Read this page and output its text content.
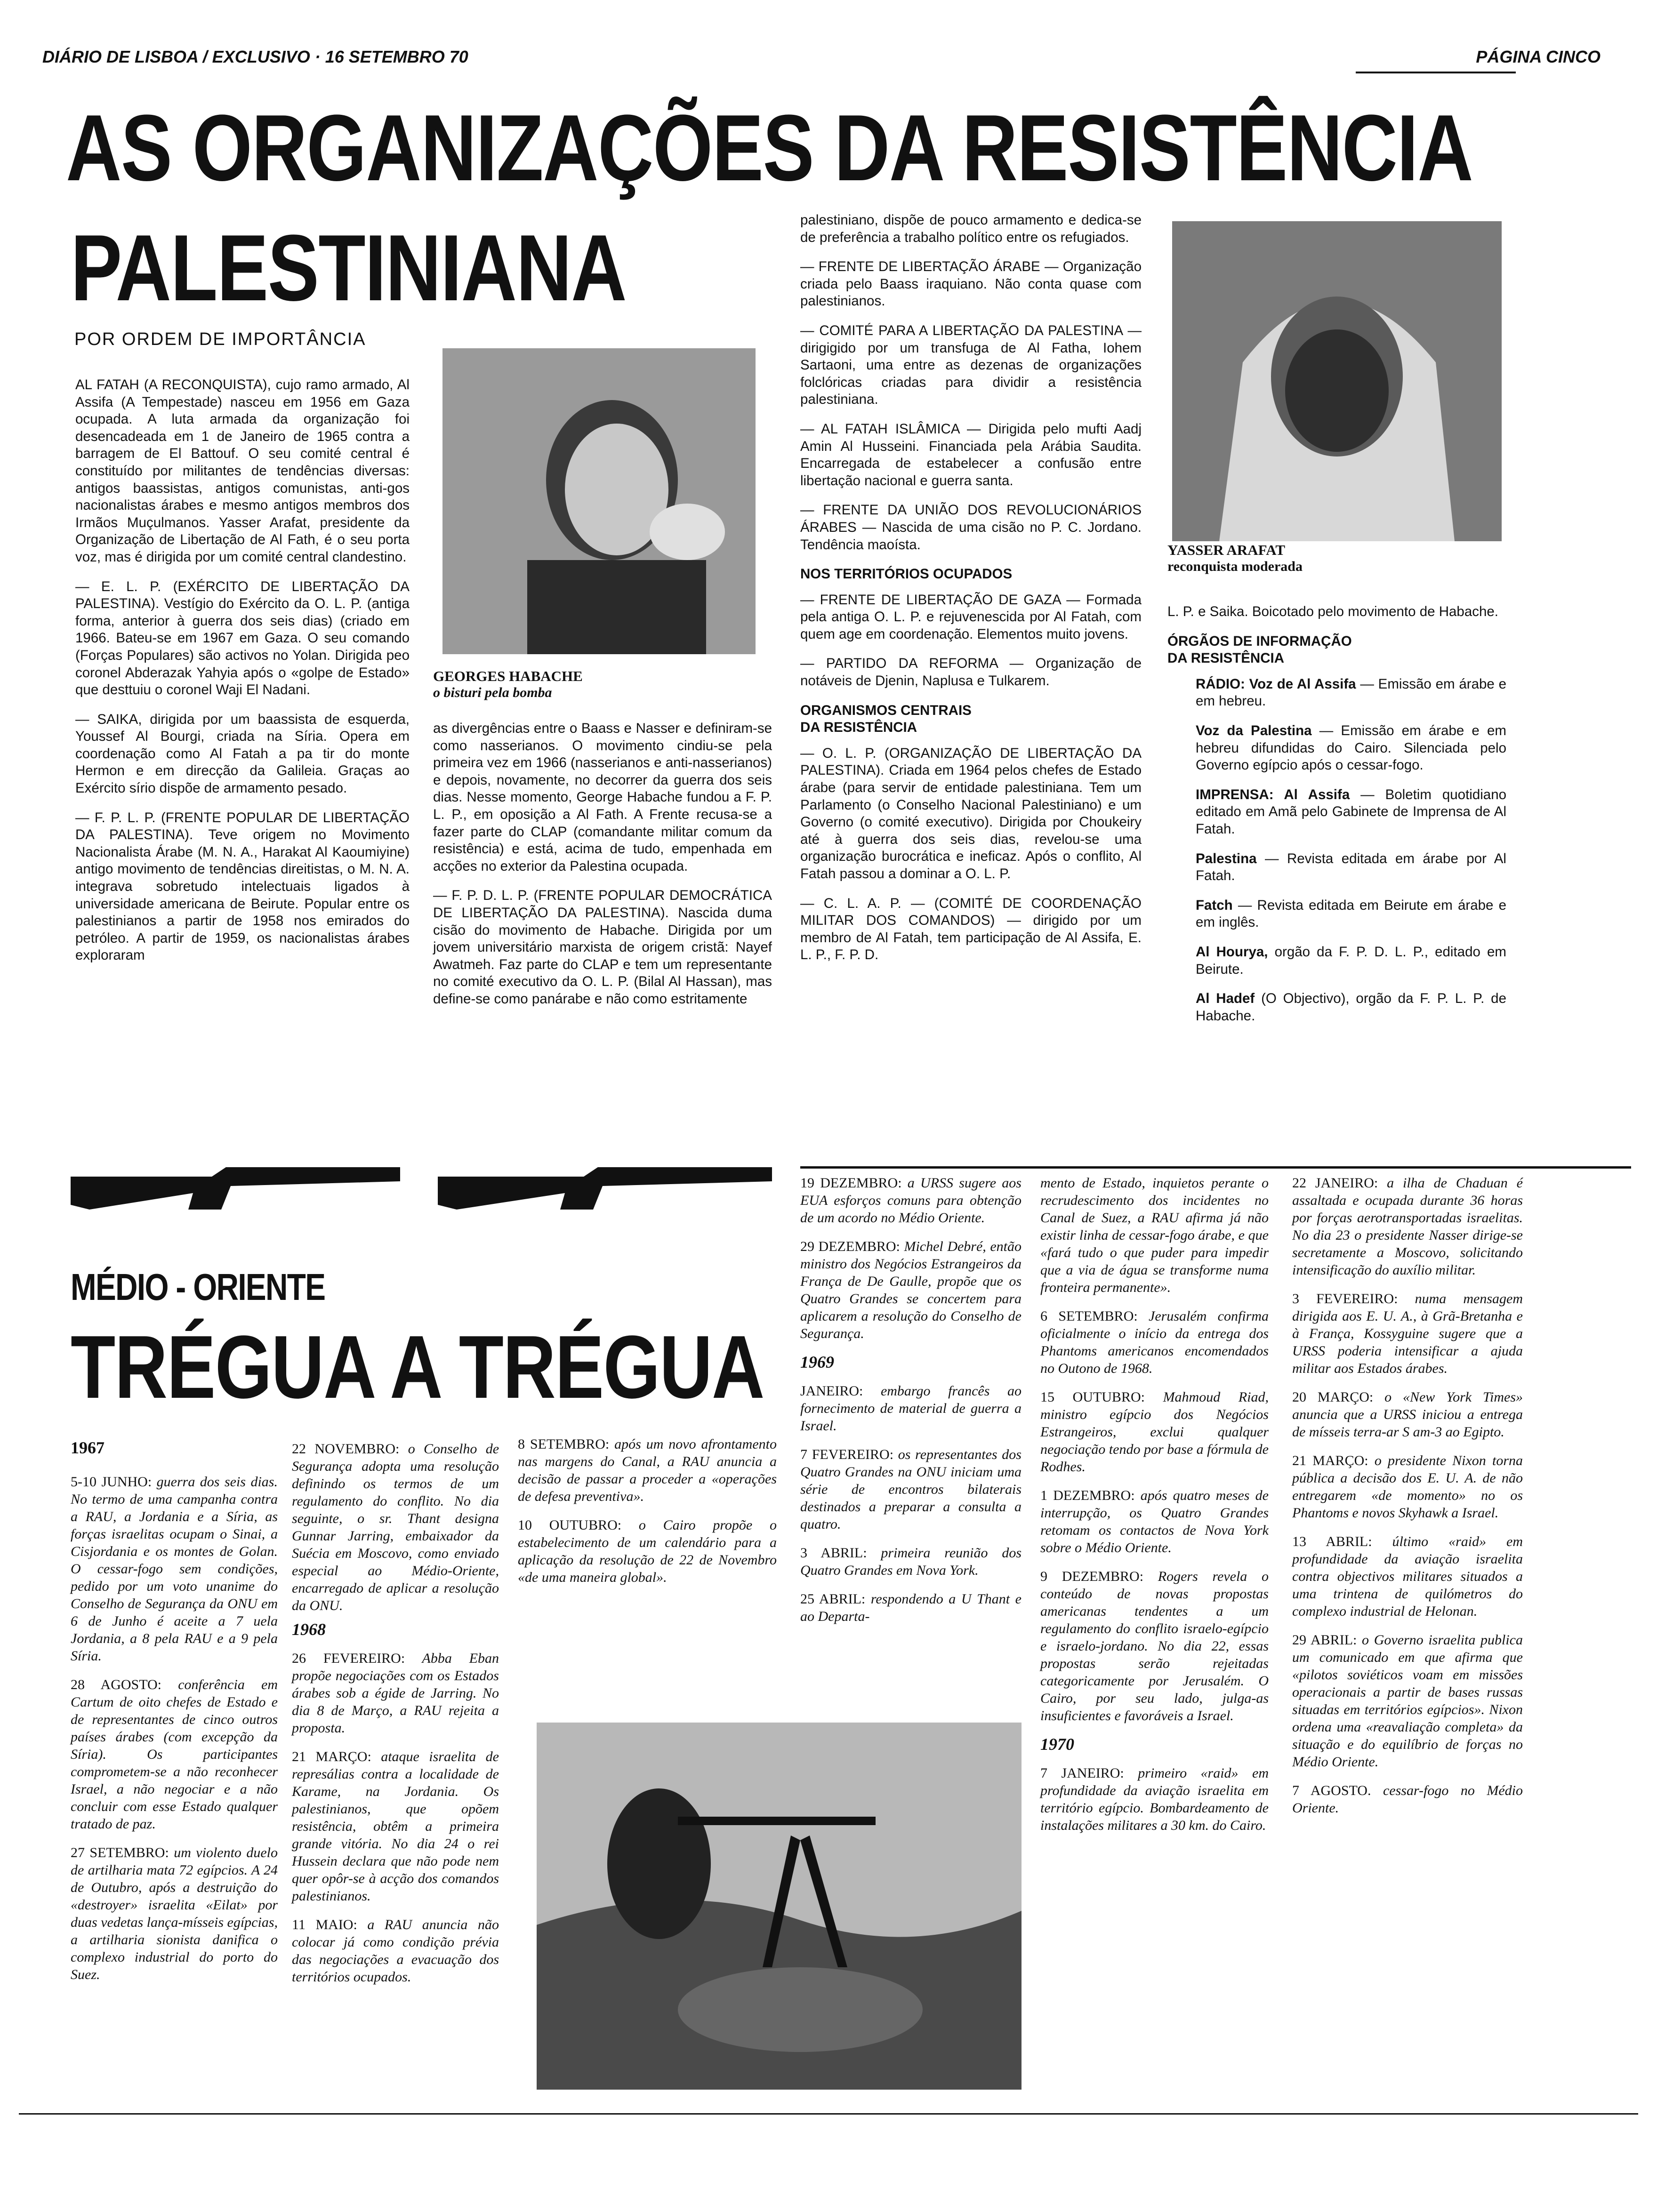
DIÁRIO DE LISBOA / EXCLUSIVO · 16 SETEMBRO 70	PÁGINA CINCO
AS ORGANIZAÇÕES DA RESISTÊNCIA
PALESTINIANA
POR ORDEM DE IMPORTÂNCIA

AL FATAH (A RECONQUISTA), cujo ramo armado, Al Assifa (A Tempestade) nasceu em 1956 em Gaza ocupada. A luta armada da organização foi desencadeada em 1 de Janeiro de 1965 contra a barragem de El Battouf. O seu comité central é constituído por militantes de tendências diversas: antigos baassistas, antigos comunistas, anti-gos nacionalistas árabes e mesmo antigos membros dos Irmãos Muçulmanos. Yasser Arafat, presidente da Organização de Libertação de Al Fath, é o seu porta voz, mas é dirigida por um comité central clandestino.

— E. L. P. (EXÉRCITO DE LIBERTAÇÃO DA PALESTINA). Vestígio do Exército da O. L. P. (antiga forma, anterior à guerra dos seis dias) (criado em 1966. Bateu-se em 1967 em Gaza. O seu comando (Forças Populares) são activos no Yolan. Dirigida peo coronel Abderazak Yahyia após o «golpe de Estado» que desttuiu o coronel Waji El Nadani.

— SAIKA, dirigida por um baassista de esquerda, Youssef Al Bourgi, criada na Síria. Opera em coordenação como Al Fatah a pa tir do monte Hermon e em direcção da Galileia. Graças ao Exército sírio dispõe de armamento pesado.

— F. P. L. P. (FRENTE POPULAR DE LIBERTAÇÃO DA PALESTINA). Teve origem no Movimento Nacionalista Árabe (M. N. A., Harakat Al Kaoumiyine) antigo movimento de tendências direitistas, o M. N. A. integrava sobretudo intelectuais ligados à universidade americana de Beirute. Popular entre os palestinianos a partir de 1958 nos emirados do petróleo. A partir de 1959, os nacionalistas árabes exploraram

GEORGES HABACHE
o bisturi pela bomba

as divergências entre o Baass e Nasser e definiram-se como nasserianos. O movimento cindiu-se pela primeira vez em 1966 (nasserianos e anti-nasserianos) e depois, novamente, no decorrer da guerra dos seis dias. Nesse momento, George Habache fundou a F. P. L. P., em oposição a Al Fath. A Frente recusa-se a fazer parte do CLAP (comandante militar comum da resistência) e está, acima de tudo, empenhada em acções no exterior da Palestina ocupada.

— F. P. D. L. P. (FRENTE POPULAR DEMOCRÁTICA DE LIBERTAÇÃO DA PALESTINA). Nascida duma cisão do movimento de Habache. Dirigida por um jovem universitário marxista de origem cristã: Nayef Awatmeh. Faz parte do CLAP e tem um representante no comité executivo da O. L. P. (Bilal Al Hassan), mas define-se como panárabe e não como estritamente

palestiniano, dispõe de pouco armamento e dedica-se de preferência a trabalho político entre os refugiados.

— FRENTE DE LIBERTAÇÃO ÁRABE — Organização criada pelo Baass iraquiano. Não conta quase com palestinianos.

— COMITÉ PARA A LIBERTAÇÃO DA PALESTINA — dirigigido por um transfuga de Al Fatha, Iohem Sartaoni, uma entre as dezenas de organizações folclóricas criadas para dividir a resistência palestiniana.

— AL FATAH ISLÂMICA — Dirigida pelo mufti Aadj Amin Al Husseini. Financiada pela Arábia Saudita. Encarregada de estabelecer a confusão entre libertação nacional e guerra santa.

— FRENTE DA UNIÃO DOS REVOLUCIONÁRIOS ÁRABES — Nascida de uma cisão no P. C. Jordano. Tendência maoísta.

NOS TERRITÓRIOS OCUPADOS

— FRENTE DE LIBERTAÇÃO DE GAZA — Formada pela antiga O. L. P. e rejuvenescida por Al Fatah, com quem age em coordenação. Elementos muito jovens.

— PARTIDO DA REFORMA — Organização de notáveis de Djenin, Naplusa e Tulkarem.

ORGANISMOS CENTRAIS
DA RESISTÊNCIA

— O. L. P. (ORGANIZAÇÃO DE LIBERTAÇÃO DA PALESTINA). Criada em 1964 pelos chefes de Estado árabe (para servir de entidade palestiniana. Tem um Parlamento (o Conselho Nacional Palestiniano) e um Governo (o comité executivo). Dirigida por Choukeiry até à guerra dos seis dias, revelou-se uma organização burocrática e ineficaz. Após o conflito, Al Fatah passou a dominar a O. L. P.

— C. L. A. P. — (COMITÉ DE COORDENAÇÃO MILITAR DOS COMANDOS) — dirigido por um membro de Al Fatah, tem participação de Al Assifa, E. L. P., F. P. D.

YASSER ARAFAT
reconquista moderada

L. P. e Saika. Boicotado pelo movimento de Habache.

ÓRGÃOS DE INFORMAÇÃO
DA RESISTÊNCIA

RÁDIO: Voz de Al Assifa — Emissão em árabe e em hebreu.

Voz da Palestina — Emissão em árabe e em hebreu difundidas do Cairo. Silenciada pelo Governo egípcio após o cessar-fogo.

IMPRENSA: Al Assifa — Boletim quotidiano editado em Amã pelo Gabinete de Imprensa de Al Fatah.

Palestina — Revista editada em árabe por Al Fatah.

Fatch — Revista editada em Beirute em árabe e em inglês.

Al Hourya, orgão da F. P. D. L. P., editado em Beirute.

Al Hadef (O Objectivo), orgão da F. P. L. P. de Habache.

MÉDIO - ORIENTE
TRÉGUA A TRÉGUA
1967

5-10 JUNHO: guerra dos seis dias. No termo de uma campanha contra a RAU, a Jordania e a Síria, as forças israelitas ocupam o Sinai, a Cisjordania e os montes de Golan. O cessar-fogo sem condições, pedido por um voto unanime do Conselho de Segurança da ONU em 6 de Junho é aceite a 7 uela Jordania, a 8 pela RAU e a 9 pela Síria.

28 AGOSTO: conferência em Cartum de oito chefes de Estado e de representantes de cinco outros países árabes (com excepção da Síria). Os participantes comprometem-se a não reconhecer Israel, a não negociar e a não concluir com esse Estado qualquer tratado de paz.

27 SETEMBRO: um violento duelo de artilharia mata 72 egípcios. A 24 de Outubro, após a destruição do «destroyer» israelita «Eilat» por duas vedetas lança-mísseis egípcias, a artilharia sionista danifica o complexo industrial do porto do Suez.

22 NOVEMBRO: o Conselho de Segurança adopta uma resolução definindo os termos de um regulamento do conflito. No dia seguinte, o sr. Thant designa Gunnar Jarring, embaixador da Suécia em Moscovo, como enviado especial ao Médio-Oriente, encarregado de aplicar a resolução da ONU.

1968

26 FEVEREIRO: Abba Eban propõe negociações com os Estados árabes sob a égide de Jarring. No dia 8 de Março, a RAU rejeita a proposta.

21 MARÇO: ataque israelita de represálias contra a localidade de Karame, na Jordania. Os palestinianos, que opõem resistência, obtêm a primeira grande vitória. No dia 24 o rei Hussein declara que não pode nem quer opôr-se à acção dos comandos palestinianos.

11 MAIO: a RAU anuncia não colocar já como condição prévia das negociações a evacuação dos territórios ocupados.

8 SETEMBRO: após um novo afrontamento nas margens do Canal, a RAU anuncia a decisão de passar a proceder a «operações de defesa preventiva».

10 OUTUBRO: o Cairo propõe o estabelecimento de um calendário para a aplicação da resolução de 22 de Novembro «de uma maneira global».

19 DEZEMBRO: a URSS sugere aos EUA esforços comuns para obtenção de um acordo no Médio Oriente.

29 DEZEMBRO: Michel Debré, então ministro dos Negócios Estrangeiros da França de De Gaulle, propõe que os Quatro Grandes se concertem para aplicarem a resolução do Conselho de Segurança.

1969

JANEIRO: embargo francês ao fornecimento de material de guerra a Israel.

7 FEVEREIRO: os representantes dos Quatro Grandes na ONU iniciam uma série de encontros bilaterais destinados a preparar a consulta a quatro.

3 ABRIL: primeira reunião dos Quatro Grandes em Nova York.

25 ABRIL: respondendo a U Thant e ao Departa-

mento de Estado, inquietos perante o recrudescimento dos incidentes no Canal de Suez, a RAU afirma já não existir linha de cessar-fogo árabe, e que «fará tudo o que puder para impedir que a via de água se transforme numa fronteira permanente».

6 SETEMBRO: Jerusalém confirma oficialmente o início da entrega dos Phantoms americanos encomendados no Outono de 1968.

15 OUTUBRO: Mahmoud Riad, ministro egípcio dos Negócios Estrangeiros, exclui qualquer negociação tendo por base a fórmula de Rodhes.

1 DEZEMBRO: após quatro meses de interrupção, os Quatro Grandes retomam os contactos de Nova York sobre o Médio Oriente.

9 DEZEMBRO: Rogers revela o conteúdo de novas propostas americanas tendentes a um regulamento do conflito israelo-egípcio e israelo-jordano. No dia 22, essas propostas serão rejeitadas categoricamente por Jerusalém. O Cairo, por seu lado, julga-as insuficientes e favoráveis a Israel.

1970

7 JANEIRO: primeiro «raid» em profundidade da aviação israelita em território egípcio. Bombardeamento de instalações militares a 30 km. do Cairo.

22 JANEIRO: a ilha de Chaduan é assaltada e ocupada durante 36 horas por forças aerotransportadas israelitas. No dia 23 o presidente Nasser dirige-se secretamente a Moscovo, solicitando intensificação do auxílio militar.

3 FEVEREIRO: numa mensagem dirigida aos E. U. A., à Grã-Bretanha e à França, Kossyguine sugere que a URSS poderia intensificar a ajuda militar aos Estados árabes.

20 MARÇO: o «New York Times» anuncia que a URSS iniciou a entrega de mísseis terra-ar S am-3 ao Egipto.

21 MARÇO: o presidente Nixon torna pública a decisão dos E. U. A. de não entregarem «de momento» no os Phantoms e novos Skyhawk a Israel.

13 ABRIL: último «raid» em profundidade da aviação israelita contra objectivos militares situados a uma trintena de quilómetros do complexo industrial de Helonan.

29 ABRIL: o Governo israelita publica um comunicado em que afirma que «pilotos soviéticos voam em missões operacionais a partir de bases russas situadas em territórios egípcios». Nixon ordena uma «reavaliação completa» da situação e do equilíbrio de forças no Médio Oriente.

7 AGOSTO. cessar-fogo no Médio Oriente.
